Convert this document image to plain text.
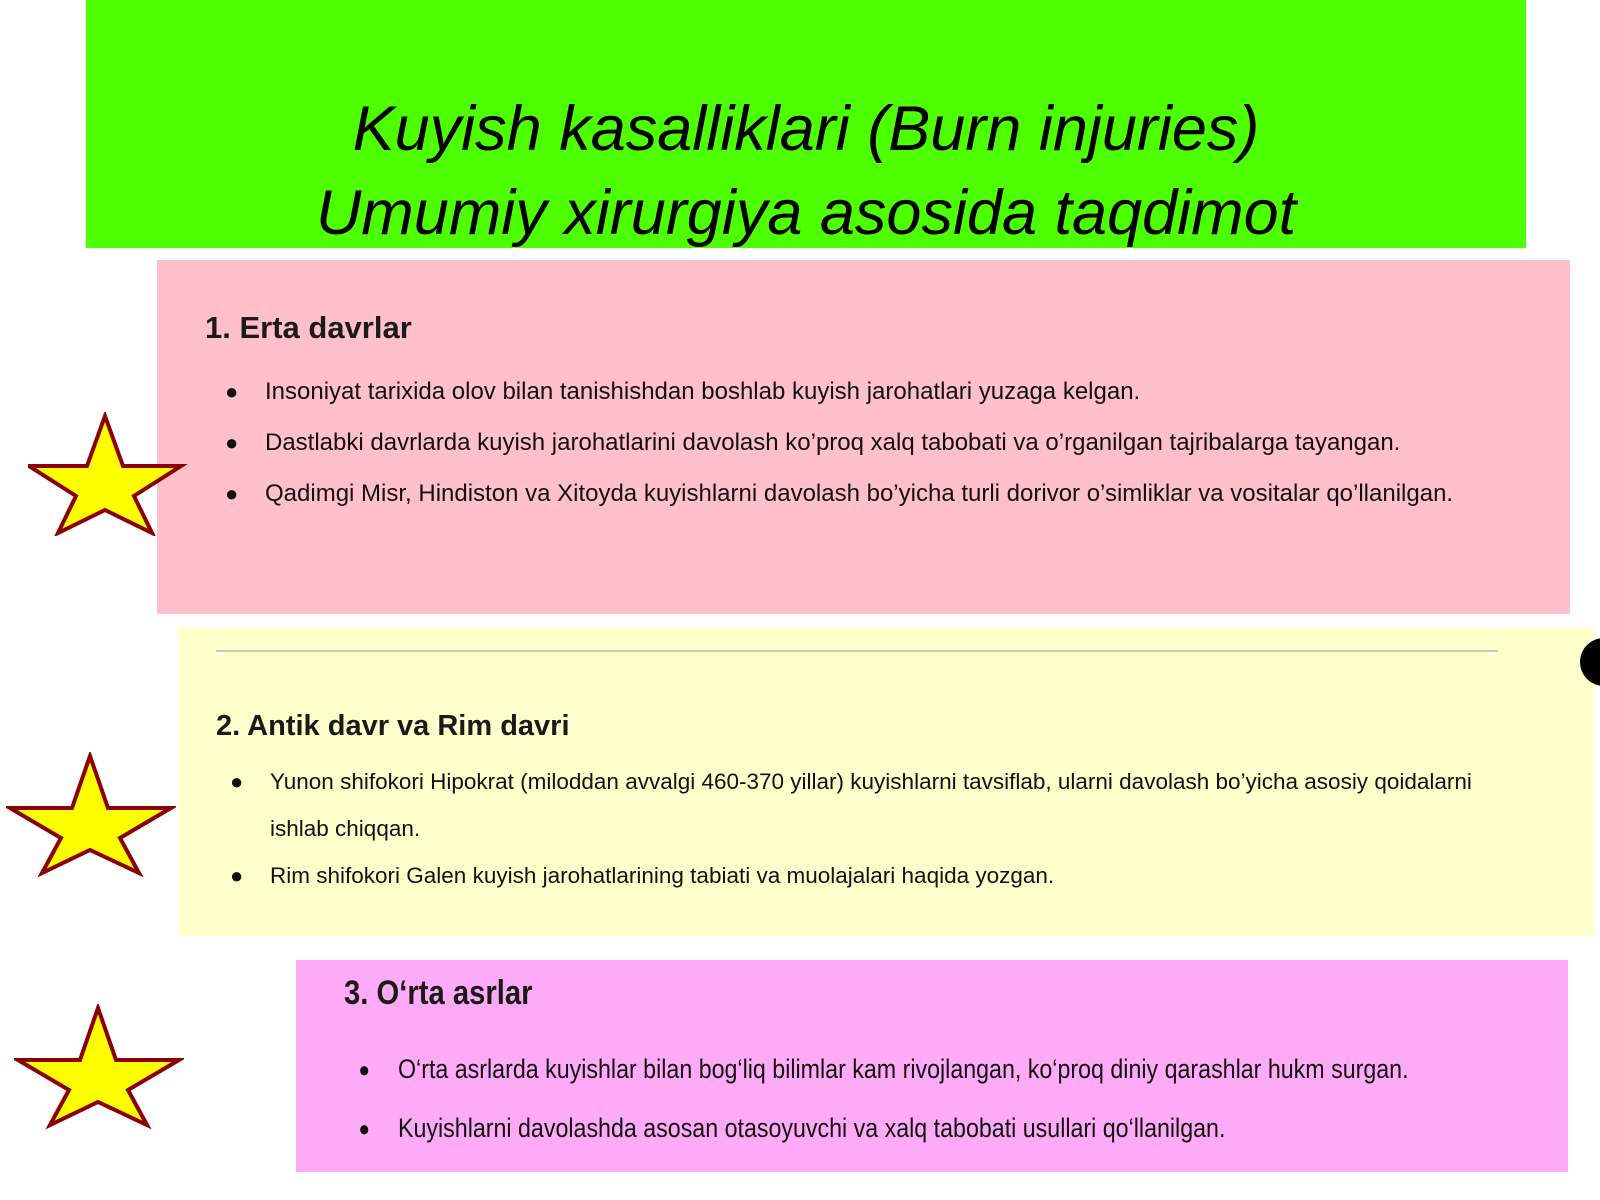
Kuyish kasalliklari (Burn injuries)
Umumiy xirurgiya asosida taqdimot
1. Erta davrlar
● Insoniyat tarixida olov bilan tanishishdan boshlab kuyish jarohatlari yuzaga kelgan.
● Dastlabki davrlarda kuyish jarohatlarini davolash ko’proq xalq tabobati va o’rganilgan tajribalarga tayangan.
● Qadimgi Misr, Hindiston va Xitoyda kuyishlarni davolash bo’yicha turli dorivor o’simliklar va vositalar qo’llanilgan.
2. Antik davr va Rim davri
● Yunon shifokori Hipokrat (miloddan avvalgi 460-370 yillar) kuyishlarni tavsiflab, ularni davolash bo’yicha asosiy qoidalarni ishlab chiqqan.
● Rim shifokori Galen kuyish jarohatlarining tabiati va muolajalari haqida yozgan.
3. O‘rta asrlar
● O‘rta asrlarda kuyishlar bilan bog‘liq bilimlar kam rivojlangan, ko‘proq diniy qarashlar hukm surgan.
● Kuyishlarni davolashda asosan otasoyuvchi va xalq tabobati usullari qo‘llanilgan.
